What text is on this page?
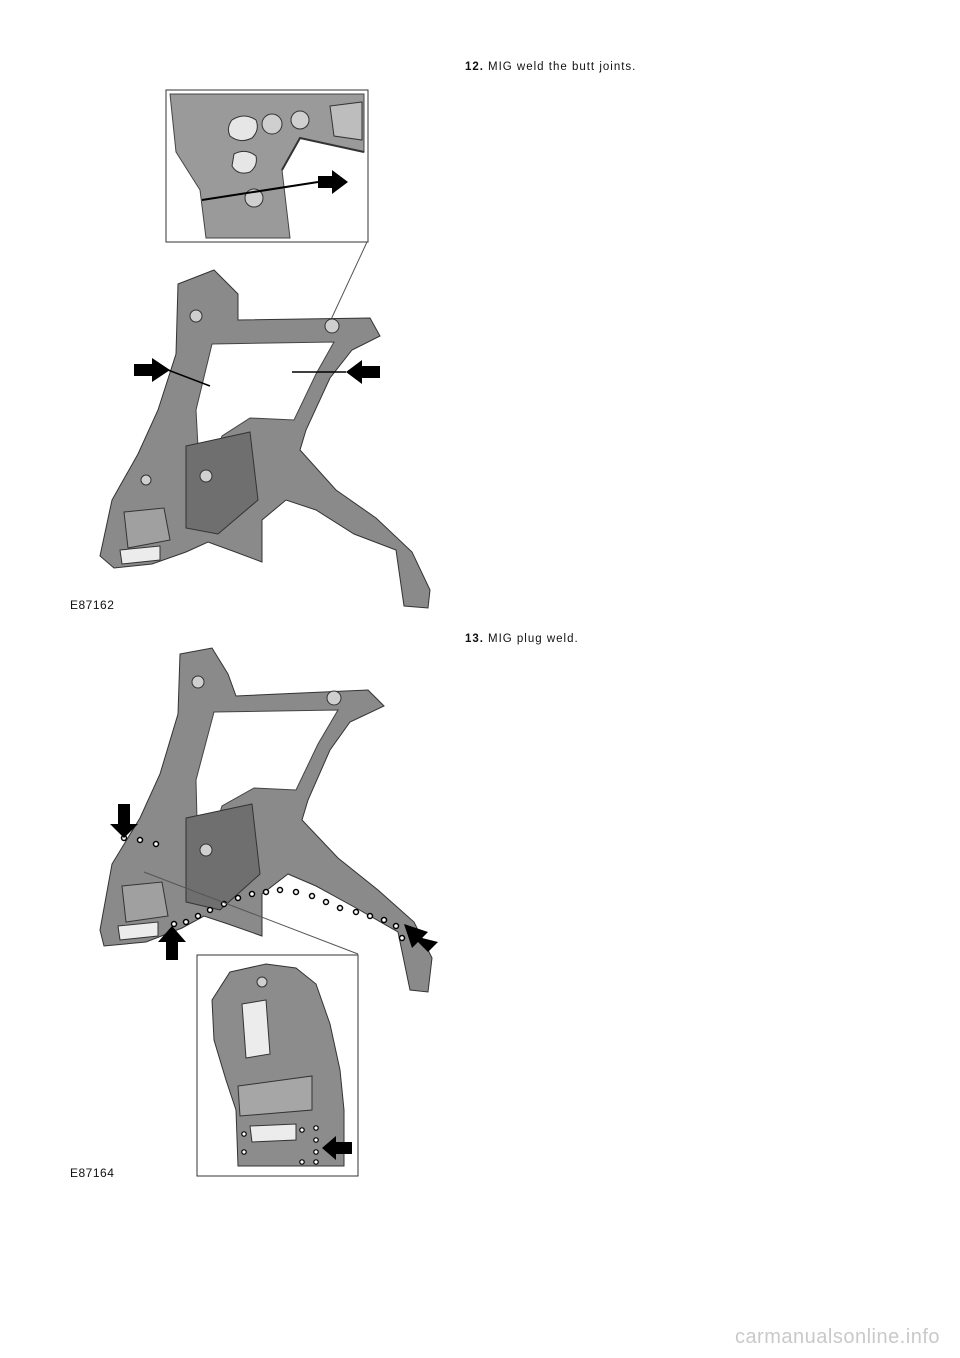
12. MIG weld the butt joints.
E87162
13. MIG plug weld.
E87164
carmanualsonline.info
